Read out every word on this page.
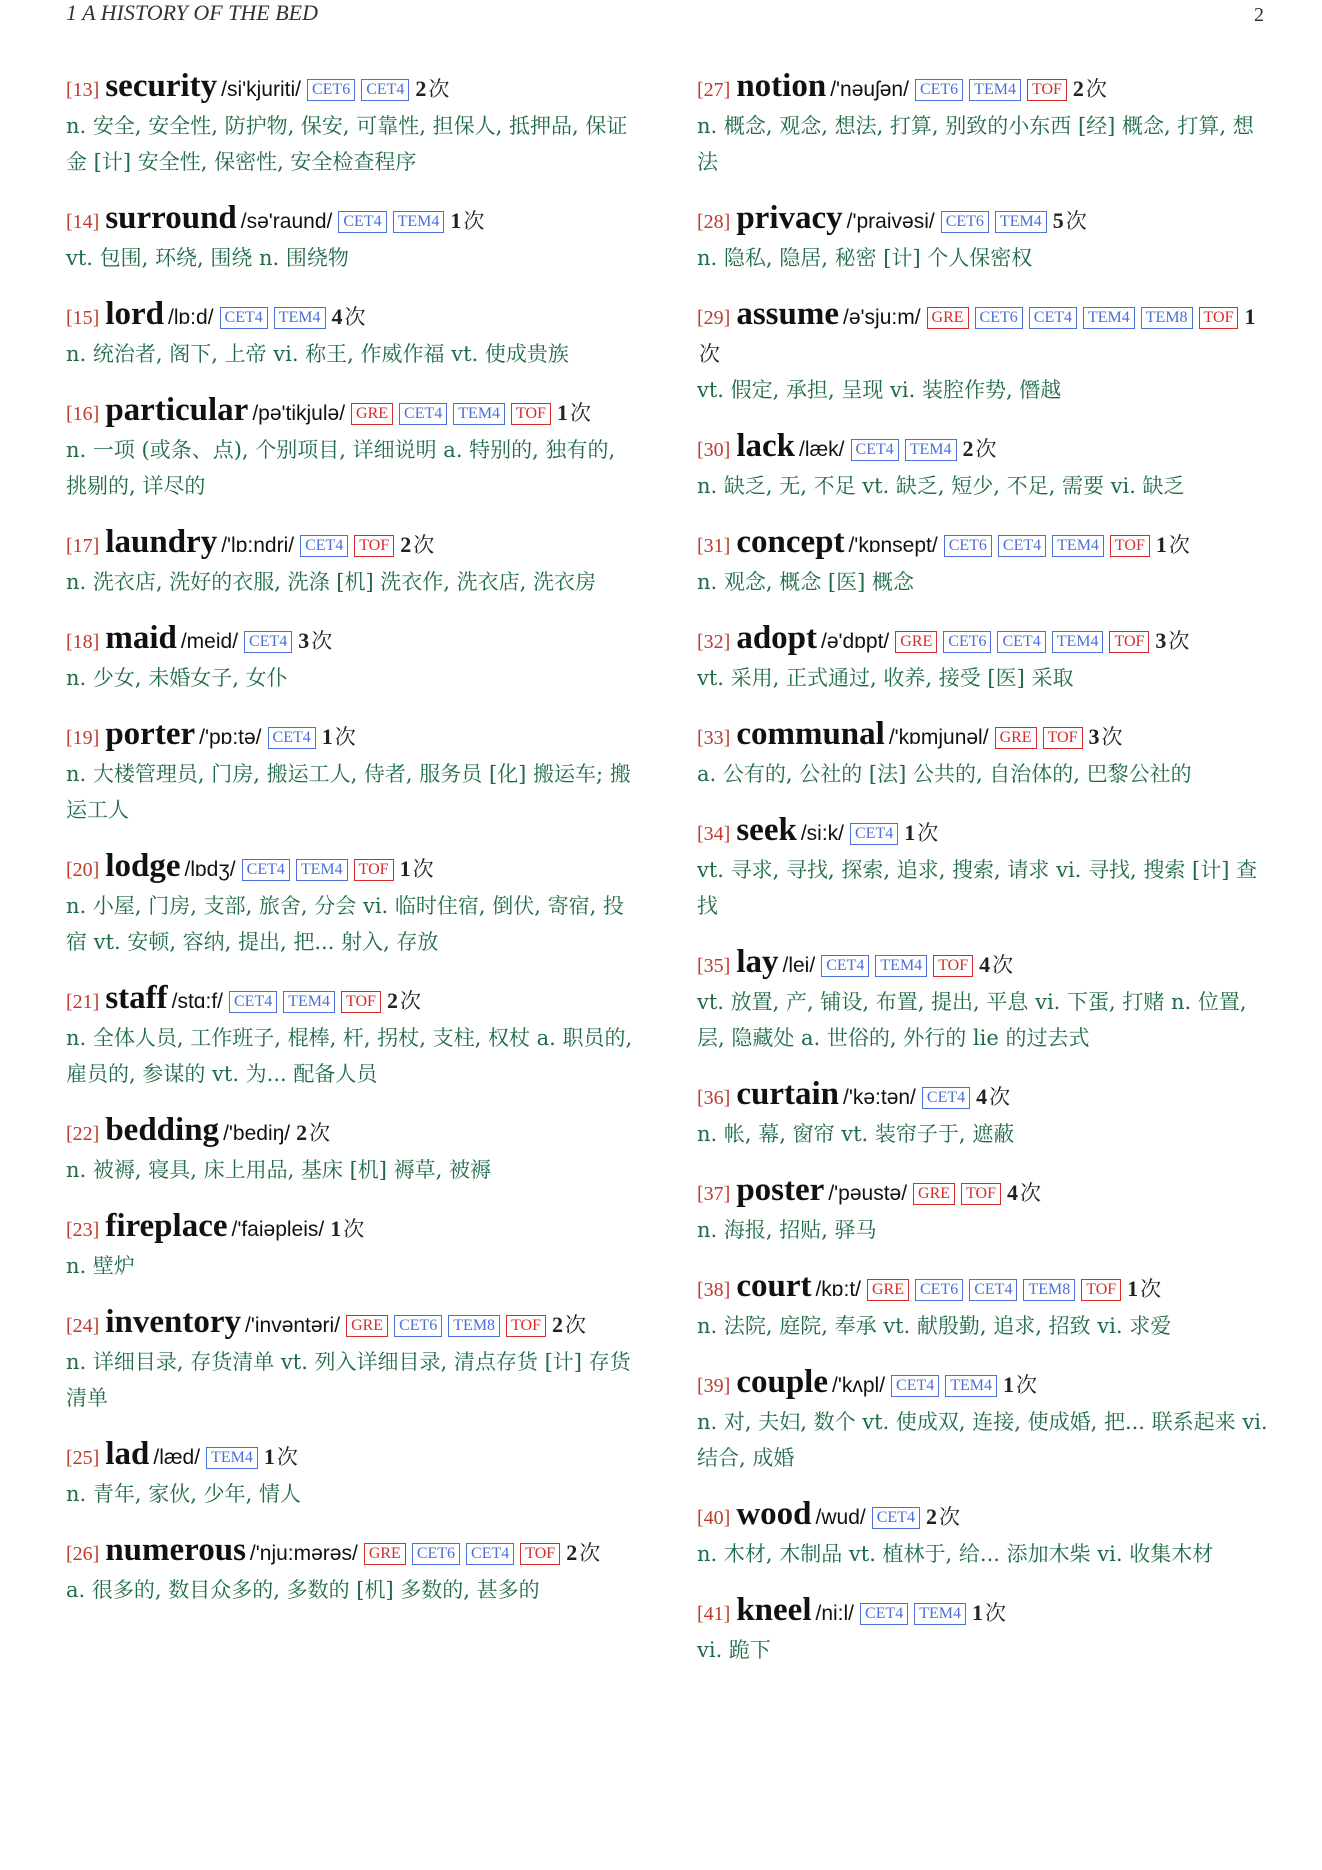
1 A HISTORY OF THE BED	2
[13] security /si'kjuriti/ CET6 CET4 2次
n. 安全, 安全性, 防护物, 保安, 可靠性, 担保人, 抵押品, 保证金 [计] 安全性, 保密性, 安全检查程序
[14] surround /sə'raund/ CET4 TEM4 1次
vt. 包围, 环绕, 围绕 n. 围绕物
[15] lord /lɒ:d/ CET4 TEM4 4次
n. 统治者, 阁下, 上帝 vi. 称王, 作威作福 vt. 使成贵族
[16] particular /pə'tikjulə/ GRE CET4 TEM4 TOF 1次
n. 一项 (或条、点), 个别项目, 详细说明 a. 特别的, 独有的, 挑剔的, 详尽的
[17] laundry /'lɒ:ndri/ CET4 TOF 2次
n. 洗衣店, 洗好的衣服, 洗涤 [机] 洗衣作, 洗衣店, 洗衣房
[18] maid /meid/ CET4 3次
n. 少女, 未婚女子, 女仆
[19] porter /'pɒ:tə/ CET4 1次
n. 大楼管理员, 门房, 搬运工人, 侍者, 服务员 [化] 搬运车; 搬运工人
[20] lodge /lɒdʒ/ CET4 TEM4 TOF 1次
n. 小屋, 门房, 支部, 旅舍, 分会 vi. 临时住宿, 倒伏, 寄宿, 投宿 vt. 安顿, 容纳, 提出, 把... 射入, 存放
[21] staff /stɑ:f/ CET4 TEM4 TOF 2次
n. 全体人员, 工作班子, 棍棒, 杆, 拐杖, 支柱, 权杖 a. 职员的, 雇员的, 参谋的 vt. 为... 配备人员
[22] bedding /'bediŋ/ 2次
n. 被褥, 寝具, 床上用品, 基床 [机] 褥草, 被褥
[23] fireplace /'faiəpleis/ 1次
n. 壁炉
[24] inventory /'invəntəri/ GRE CET6 TEM8 TOF 2次
n. 详细目录, 存货清单 vt. 列入详细目录, 清点存货 [计] 存货清单
[25] lad /læd/ TEM4 1次
n. 青年, 家伙, 少年, 情人
[26] numerous /'nju:mərəs/ GRE CET6 CET4 TOF 2次
a. 很多的, 数目众多的, 多数的 [机] 多数的, 甚多的
[27] notion /'nəuʃən/ CET6 TEM4 TOF 2次
n. 概念, 观念, 想法, 打算, 别致的小东西 [经] 概念, 打算, 想法
[28] privacy /'praivəsi/ CET6 TEM4 5次
n. 隐私, 隐居, 秘密 [计] 个人保密权
[29] assume /ə'sju:m/ GRE CET6 CET4 TEM4 TEM8 TOF 1次
vt. 假定, 承担, 呈现 vi. 装腔作势, 僭越
[30] lack /læk/ CET4 TEM4 2次
n. 缺乏, 无, 不足 vt. 缺乏, 短少, 不足, 需要 vi. 缺乏
[31] concept /'kɒnsept/ CET6 CET4 TEM4 TOF 1次
n. 观念, 概念 [医] 概念
[32] adopt /ə'dɒpt/ GRE CET6 CET4 TEM4 TOF 3次
vt. 采用, 正式通过, 收养, 接受 [医] 采取
[33] communal /'kɒmjunəl/ GRE TOF 3次
a. 公有的, 公社的 [法] 公共的, 自治体的, 巴黎公社的
[34] seek /si:k/ CET4 1次
vt. 寻求, 寻找, 探索, 追求, 搜索, 请求 vi. 寻找, 搜索 [计] 查找
[35] lay /lei/ CET4 TEM4 TOF 4次
vt. 放置, 产, 铺设, 布置, 提出, 平息 vi. 下蛋, 打赌 n. 位置, 层, 隐藏处 a. 世俗的, 外行的 lie 的过去式
[36] curtain /'kə:tən/ CET4 4次
n. 帐, 幕, 窗帘 vt. 装帘子于, 遮蔽
[37] poster /'pəustə/ GRE TOF 4次
n. 海报, 招贴, 驿马
[38] court /kɒ:t/ GRE CET6 CET4 TEM8 TOF 1次
n. 法院, 庭院, 奉承 vt. 献殷勤, 追求, 招致 vi. 求爱
[39] couple /'kʌpl/ CET4 TEM4 1次
n. 对, 夫妇, 数个 vt. 使成双, 连接, 使成婚, 把... 联系起来 vi. 结合, 成婚
[40] wood /wud/ CET4 2次
n. 木材, 木制品 vt. 植林于, 给... 添加木柴 vi. 收集木材
[41] kneel /ni:l/ CET4 TEM4 1次
vi. 跪下
